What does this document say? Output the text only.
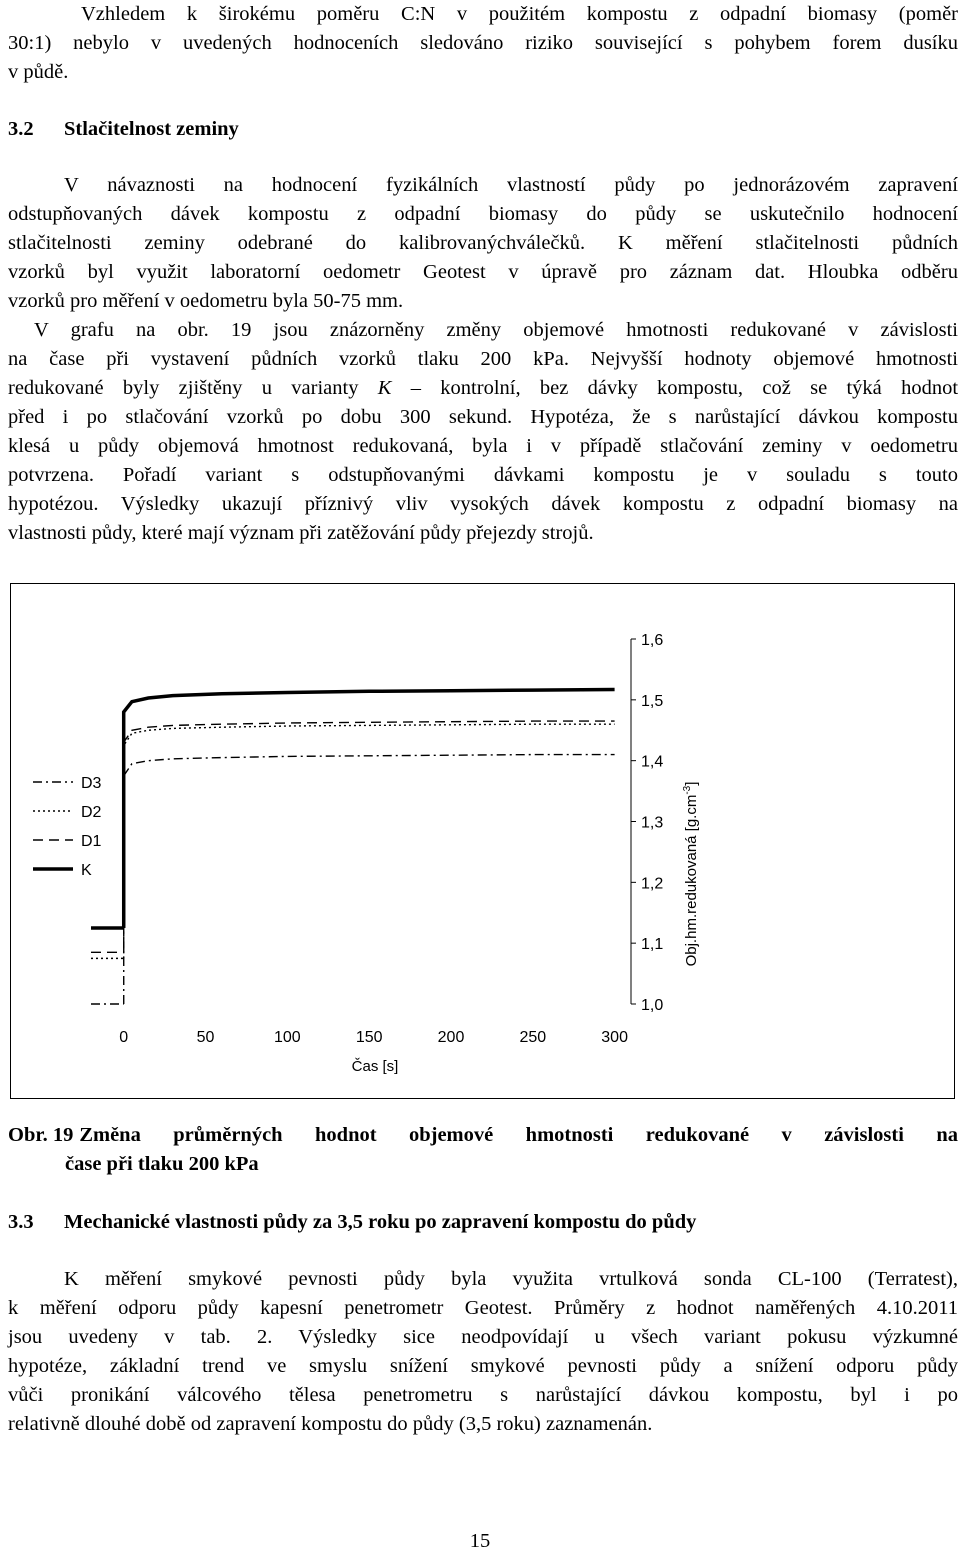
Vzhledem k širokému poměru C:N v použitém kompostu z odpadní biomasy (poměr
30:1) nebylo v uvedených hodnoceních sledováno riziko související s pohybem forem dusíku
v půdě.
3.2 Stlačitelnost zeminy
V návaznosti na hodnocení fyzikálních vlastností půdy po jednorázovém zapravení
odstupňovaných dávek kompostu z odpadní biomasy do půdy se uskutečnilo hodnocení
stlačitelnosti zeminy odebrané do kalibrovanýchválečků. K měření stlačitelnosti půdních
vzorků byl využit laboratorní oedometr Geotest v úpravě pro záznam dat. Hloubka odběru
vzorků pro měření v oedometru byla 50-75 mm.
V grafu na obr. 19 jsou znázorněny změny objemové hmotnosti redukované v závislosti
na čase při vystavení půdních vzorků tlaku 200 kPa. Nejvyšší hodnoty objemové hmotnosti
redukované byly zjištěny u varianty K – kontrolní, bez dávky kompostu, což se týká hodnot
před i po stlačování vzorků po dobu 300 sekund. Hypotéza, že s narůstající dávkou kompostu
klesá u půdy objemová hmotnost redukovaná, byla i v případě stlačování zeminy v oedometru
potvrzena. Pořadí variant s odstupňovanými dávkami kompostu je v souladu s touto
hypotézou. Výsledky ukazují příznivý vliv vysokých dávek kompostu z odpadní biomasy na
vlastnosti půdy, které mají význam při zatěžování půdy přejezdy strojů.
D3
D2
D1
K
0	50	100	150	200	250	300
1,6
1,5
1,4
1,3
1,2
1,1
1,0
Čas [s]
Obj.hm.redukovaná $[g.cm^{-3}]$
Obr. 19 Změna průměrných hodnot objemové hmotnosti redukované v závislosti na
čase při tlaku 200 kPa
3.3 Mechanické vlastnosti půdy za 3,5 roku po zapravení kompostu do půdy
K měření smykové pevnosti půdy byla využita vrtulková sonda CL-100 (Terratest),
k měření odporu půdy kapesní penetrometr Geotest. Průměry z hodnot naměřených 4.10.2011
jsou uvedeny v tab. 2. Výsledky sice neodpovídají u všech variant pokusu výzkumné
hypotéze, základní trend ve smyslu snížení smykové pevnosti půdy a snížení odporu půdy
vůči pronikání válcového tělesa penetrometru s narůstající dávkou kompostu, byl i po
relativně dlouhé době od zapravení kompostu do půdy (3,5 roku) zaznamenán.
15
